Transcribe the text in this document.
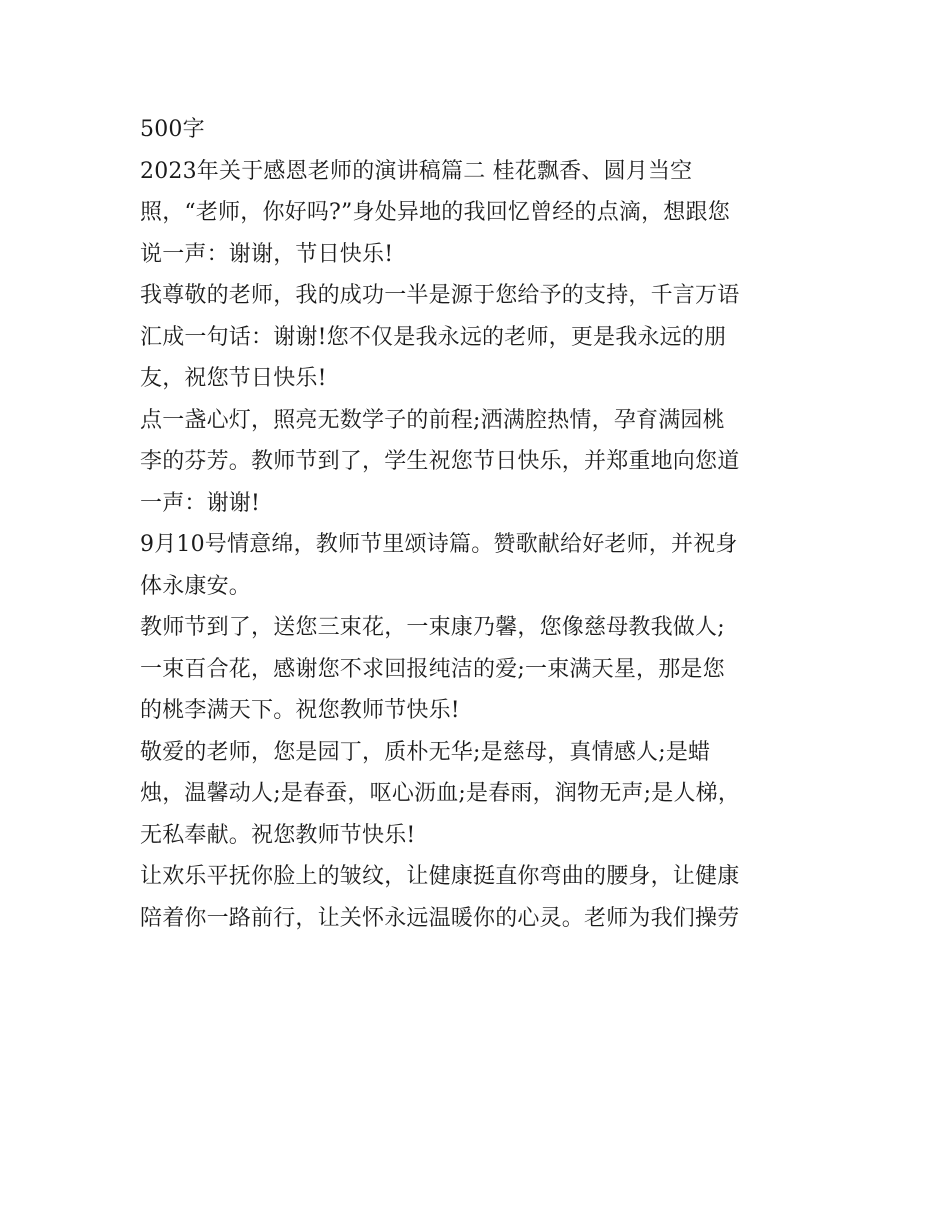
500字

2023年关于感恩老师的演讲稿篇二 桂花飘香、圆月当空

照，“老师，你好吗?”身处异地的我回忆曾经的点滴，想跟您

说一声：谢谢，节日快乐!

我尊敬的老师，我的成功一半是源于您给予的支持，千言万语

汇成一句话：谢谢!您不仅是我永远的老师，更是我永远的朋

友，祝您节日快乐!

点一盏心灯，照亮无数学子的前程;洒满腔热情，孕育满园桃

李的芬芳。教师节到了，学生祝您节日快乐，并郑重地向您道

一声：谢谢!

9月10号情意绵，教师节里颂诗篇。赞歌献给好老师，并祝身

体永康安。

教师节到了，送您三束花，一束康乃馨，您像慈母教我做人;

一束百合花，感谢您不求回报纯洁的爱;一束满天星，那是您

的桃李满天下。祝您教师节快乐!

敬爱的老师，您是园丁，质朴无华;是慈母，真情感人;是蜡

烛，温馨动人;是春蚕，呕心沥血;是春雨，润物无声;是人梯，

无私奉献。祝您教师节快乐!

让欢乐平抚你脸上的皱纹，让健康挺直你弯曲的腰身，让健康

陪着你一路前行，让关怀永远温暖你的心灵。老师为我们操劳
